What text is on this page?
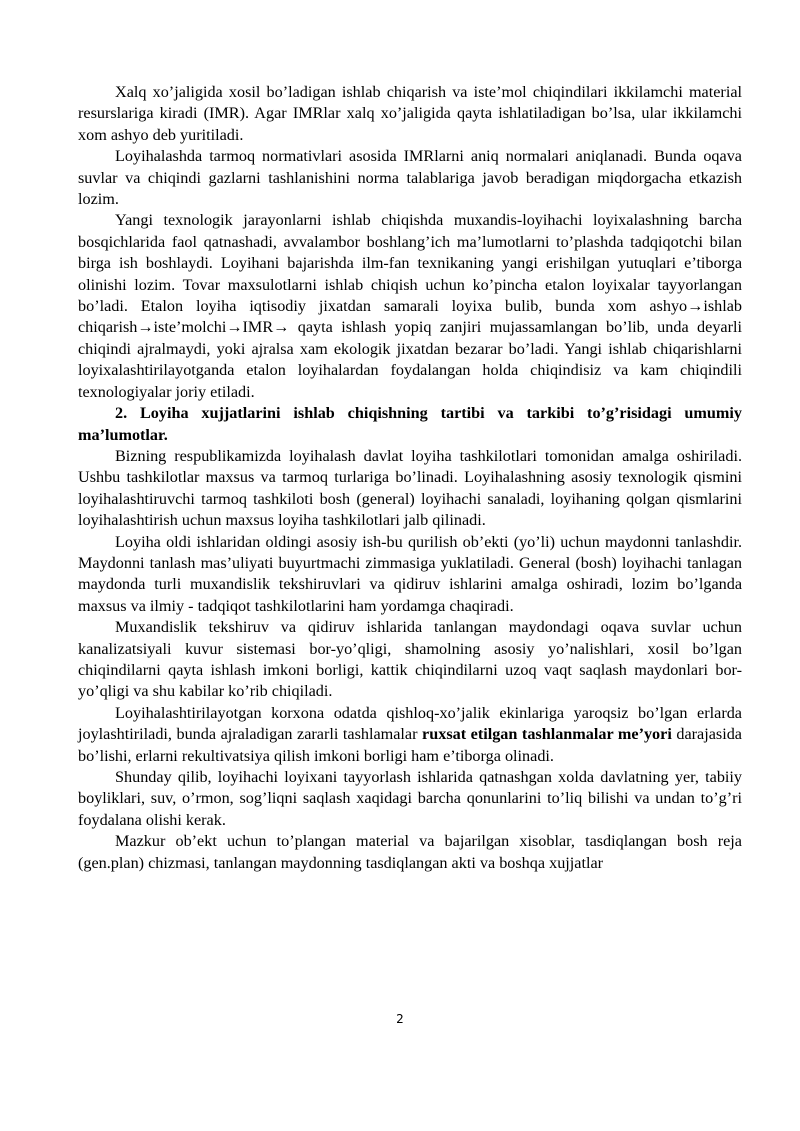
Xalq xo’jaligida xosil bo’ladigan ishlab chiqarish va iste’mol chiqindilari ikkilamchi material resurslariga kiradi (IMR). Agar IMRlar xalq xo’jaligida qayta ishlatiladigan bo’lsa, ular ikkilamchi xom ashyo deb yuritiladi.

Loyihalashda tarmoq normativlari asosida IMRlarni aniq normalari aniqlanadi. Bunda oqava suvlar va chiqindi gazlarni tashlanishini norma talablariga javob beradigan miqdorgacha etkazish lozim.

Yangi texnologik jarayonlarni ishlab chiqishda muxandis-loyihachi loyixalashning barcha bosqichlarida faol qatnashadi, avvalambor boshlang’ich ma’lumotlarni to’plashda tadqiqotchi bilan birga ish boshlaydi. Loyihani bajarishda ilm-fan texnikaning yangi erishilgan yutuqlari e’tiborga olinishi lozim. Tovar maxsulotlarni ishlab chiqish uchun ko’pincha etalon loyixalar tayyorlangan bo’ladi. Etalon loyiha iqtisodiy jixatdan samarali loyixa bulib, bunda xom ashyo→ishlab chiqarish→iste’molchi→IMR→ qayta ishlash yopiq zanjiri mujassamlangan bo’lib, unda deyarli chiqindi ajralmaydi, yoki ajralsa xam ekologik jixatdan bezarar bo’ladi. Yangi ishlab chiqarishlarni loyixalashtirilayotganda etalon loyihalardan foydalangan holda chiqindisiz va kam chiqindili texnologiyalar joriy etiladi.

2. Loyiha xujjatlarini ishlab chiqishning tartibi va tarkibi to’g’risidagi umumiy ma’lumotlar.

Bizning respublikamizda loyihalash davlat loyiha tashkilotlari tomonidan amalga oshiriladi. Ushbu tashkilotlar maxsus va tarmoq turlariga bo’linadi. Loyihalashning asosiy texnologik qismini loyihalashtiruvchi tarmoq tashkiloti bosh (general) loyihachi sanaladi, loyihaning qolgan qismlarini loyihalashtirish uchun maxsus loyiha tashkilotlari jalb qilinadi.

Loyiha oldi ishlaridan oldingi asosiy ish-bu qurilish ob’ekti (yo’li) uchun maydonni tanlashdir. Maydonni tanlash mas’uliyati buyurtmachi zimmasiga yuklatiladi. General (bosh) loyihachi tanlagan maydonda turli muxandislik tekshiruvlari va qidiruv ishlarini amalga oshiradi, lozim bo’lganda maxsus va ilmiy - tadqiqot tashkilotlarini ham yordamga chaqiradi.

Muxandislik tekshiruv va qidiruv ishlarida tanlangan maydondagi oqava suvlar uchun kanalizatsiyali kuvur sistemasi bor-yo’qligi, shamolning asosiy yo’nalishlari, xosil bo’lgan chiqindilarni qayta ishlash imkoni borligi, kattik chiqindilarni uzoq vaqt saqlash maydonlari bor-yo’qligi va shu kabilar ko’rib chiqiladi.

Loyihalashtirilayotgan korxona odatda qishloq-xo’jalik ekinlariga yaroqsiz bo’lgan erlarda joylashtiriladi, bunda ajraladigan zararli tashlamalar ruxsat etilgan tashlanmalar me’yori darajasida bo’lishi, erlarni rekultivatsiya qilish imkoni borligi ham e’tiborga olinadi.

Shunday qilib, loyihachi loyixani tayyorlash ishlarida qatnashgan xolda davlatning yer, tabiiy boyliklari, suv, o’rmon, sog’liqni saqlash xaqidagi barcha qonunlarini to’liq bilishi va undan to’g’ri foydalana olishi kerak.

Mazkur ob’ekt uchun to’plangan material va bajarilgan xisoblar, tasdiqlangan bosh reja (gen.plan) chizmasi, tanlangan maydonning tasdiqlangan akti va boshqa xujjatlar

2
